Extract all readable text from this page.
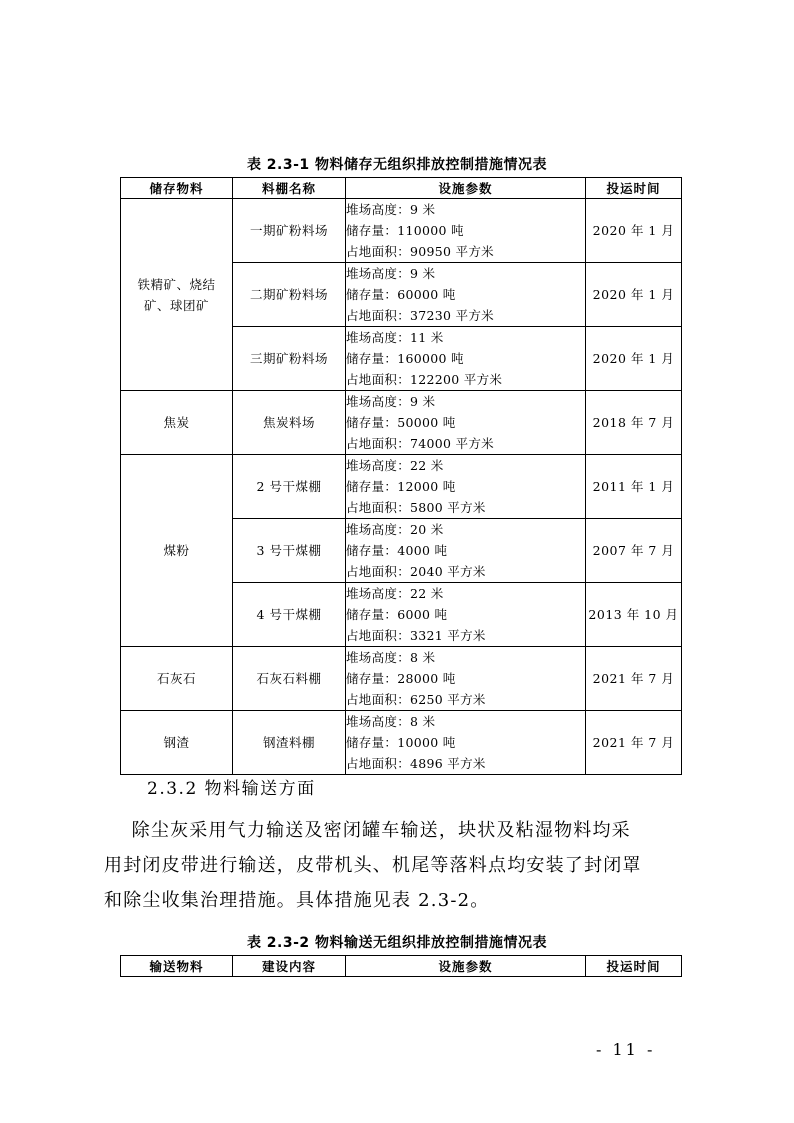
表 2.3-1 物料储存无组织排放控制措施情况表
储存物料	料棚名称	设施参数	投运时间
铁精矿、烧结矿、球团矿	一期矿粉料场	堆场高度：9 米
储存量：110000 吨
占地面积：90950 平方米	2020 年 1 月
	二期矿粉料场	堆场高度：9 米
储存量：60000 吨
占地面积：37230 平方米	2020 年 1 月
	三期矿粉料场	堆场高度：11 米
储存量：160000 吨
占地面积：122200 平方米	2020 年 1 月
焦炭	焦炭料场	堆场高度：9 米
储存量：50000 吨
占地面积：74000 平方米	2018 年 7 月
煤粉	2 号干煤棚	堆场高度：22 米
储存量：12000 吨
占地面积：5800 平方米	2011 年 1 月
	3 号干煤棚	堆场高度：20 米
储存量：4000 吨
占地面积：2040 平方米	2007 年 7 月
	4 号干煤棚	堆场高度：22 米
储存量：6000 吨
占地面积：3321 平方米	2013 年 10 月
石灰石	石灰石料棚	堆场高度：8 米
储存量：28000 吨
占地面积：6250 平方米	2021 年 7 月
钢渣	钢渣料棚	堆场高度：8 米
储存量：10000 吨
占地面积：4896 平方米	2021 年 7 月
2.3.2 物料输送方面
除尘灰采用气力输送及密闭罐车输送，块状及粘湿物料均采
用封闭皮带进行输送，皮带机头、机尾等落料点均安装了封闭罩
和除尘收集治理措施。具体措施见表 2.3-2。
表 2.3-2 物料输送无组织排放控制措施情况表
输送物料	建设内容	设施参数	投运时间
- 11 -
